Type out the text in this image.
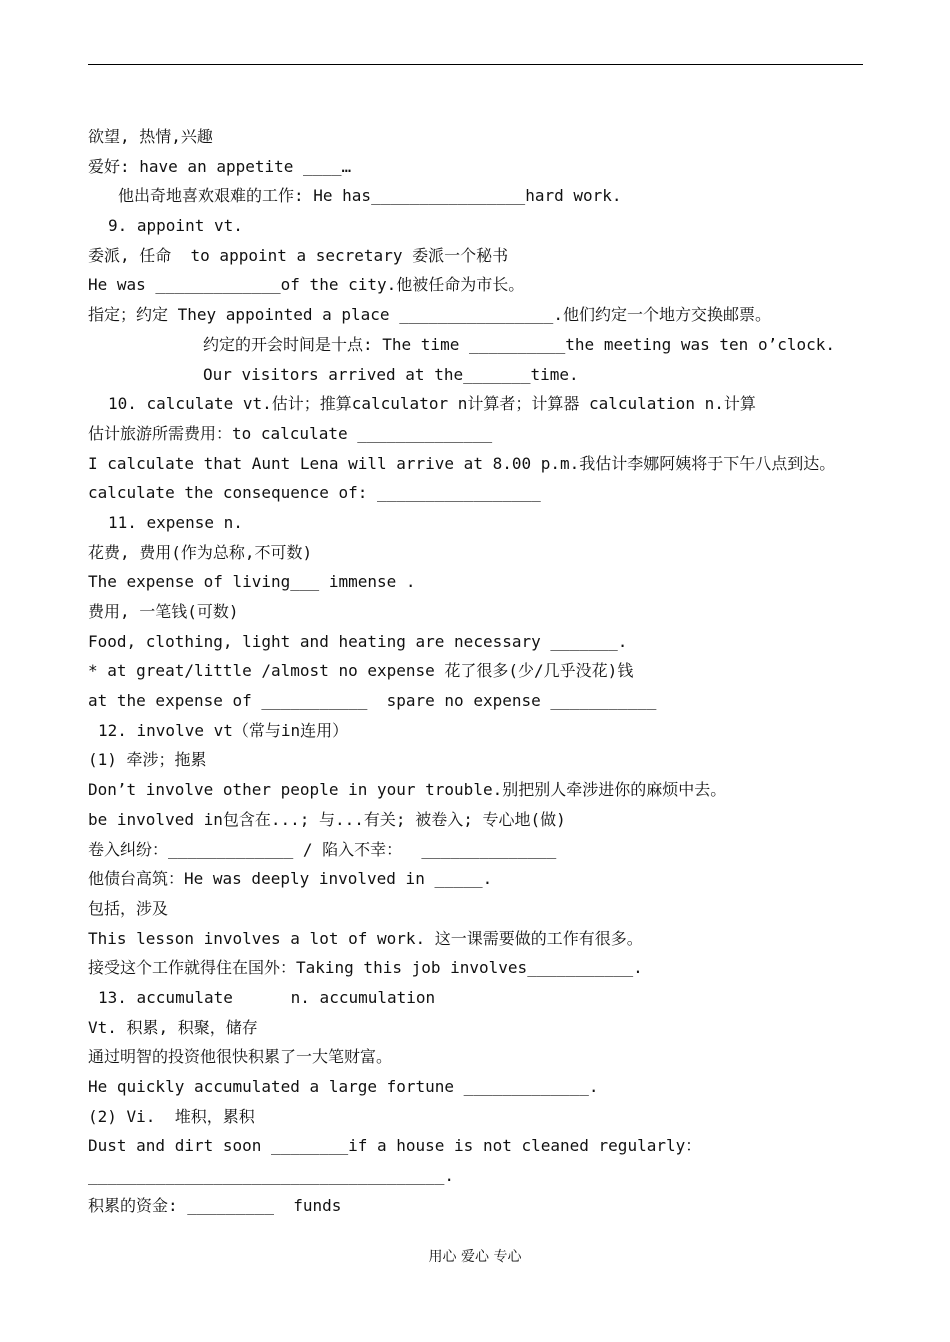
欲望, 热情,兴趣
爱好: have an appetite ____…
他出奇地喜欢艰难的工作: He has________________hard work.
9. appoint vt.
委派, 任命  to appoint a secretary 委派一个秘书
He was _____________of the city.他被任命为市长。
指定；约定 They appointed a place ________________.他们约定一个地方交换邮票。
约定的开会时间是十点: The time __________the meeting was ten o’clock.
Our visitors arrived at the_______time.
10. calculate vt.估计；推算calculator n计算者；计算器 calculation n.计算
估计旅游所需费用：to calculate ______________
I calculate that Aunt Lena will arrive at 8.00 p.m.我估计李娜阿姨将于下午八点到达。
calculate the consequence of: _________________
11. expense n.
花费, 费用(作为总称,不可数)
The expense of living___ immense .
费用, 一笔钱(可数)
Food, clothing, light and heating are necessary _______.
* at great/little /almost no expense 花了很多(少/几乎没花)钱
at the expense of ___________  spare no expense ___________
12. involve vt（常与in连用）
(1) 牵涉；拖累
Don’t involve other people in your trouble.别把别人牵涉进你的麻烦中去。
be involved in包含在...; 与...有关; 被卷入; 专心地(做)
卷入纠纷：_____________ / 陷入不幸：  ______________
他债台高筑：He was deeply involved in _____.
包括，涉及
This lesson involves a lot of work. 这一课需要做的工作有很多。
接受这个工作就得住在国外：Taking this job involves___________.
13. accumulate      n. accumulation
Vt. 积累, 积聚，储存
通过明智的投资他很快积累了一大笔财富。
He quickly accumulated a large fortune _____________.
(2) Vi.  堆积，累积
Dust and dirt soon ________if a house is not cleaned regularly：
_____________________________________.
积累的资金: _________  funds
用心 爱心 专心
